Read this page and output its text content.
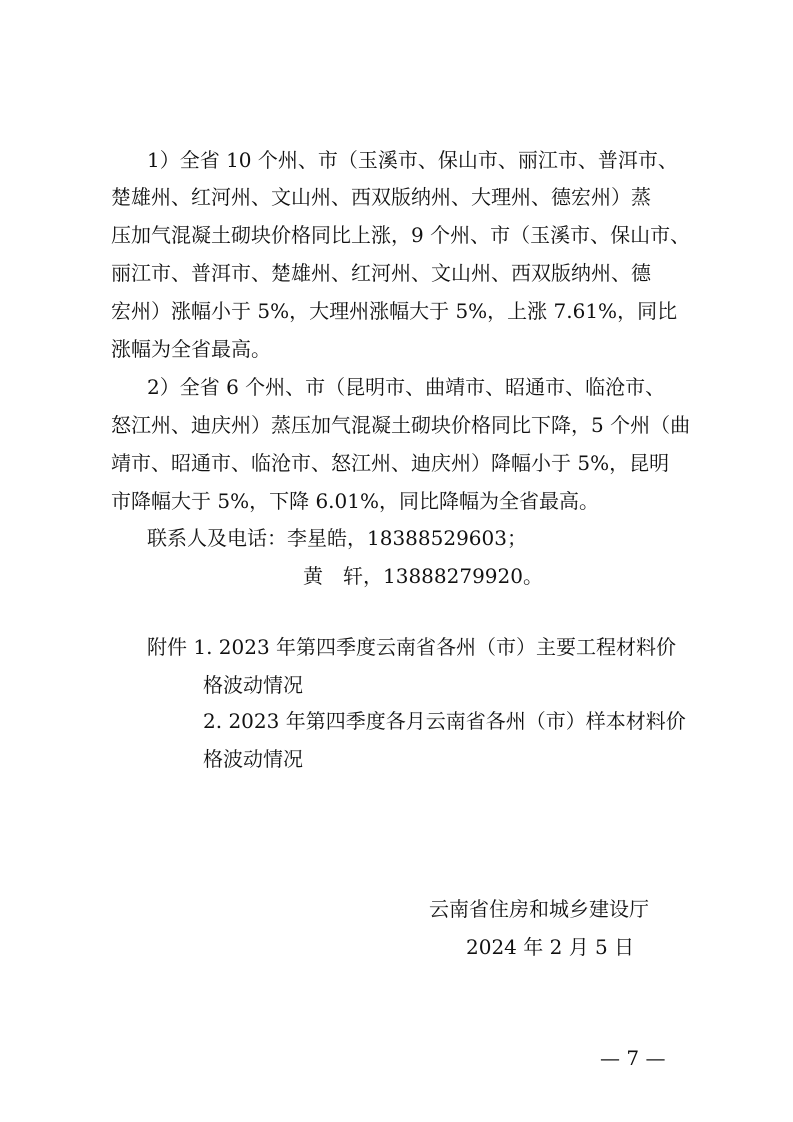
1）全省 10 个州、市（玉溪市、保山市、丽江市、普洱市、
楚雄州、红河州、文山州、西双版纳州、大理州、德宏州）蒸
压加气混凝土砌块价格同比上涨，9 个州、市（玉溪市、保山市、
丽江市、普洱市、楚雄州、红河州、文山州、西双版纳州、德
宏州）涨幅小于 5%，大理州涨幅大于 5%，上涨 7.61%，同比
涨幅为全省最高。
2）全省 6 个州、市（昆明市、曲靖市、昭通市、临沧市、
怒江州、迪庆州）蒸压加气混凝土砌块价格同比下降，5 个州（曲
靖市、昭通市、临沧市、怒江州、迪庆州）降幅小于 5%，昆明
市降幅大于 5%，下降 6.01%，同比降幅为全省最高。
联系人及电话：李星皓，18388529603；
黄　轩，13888279920。
附件 1. 2023 年第四季度云南省各州（市）主要工程材料价
格波动情况
2. 2023 年第四季度各月云南省各州（市）样本材料价
格波动情况
云南省住房和城乡建设厅
2024 年 2 月 5 日
— 7 —
